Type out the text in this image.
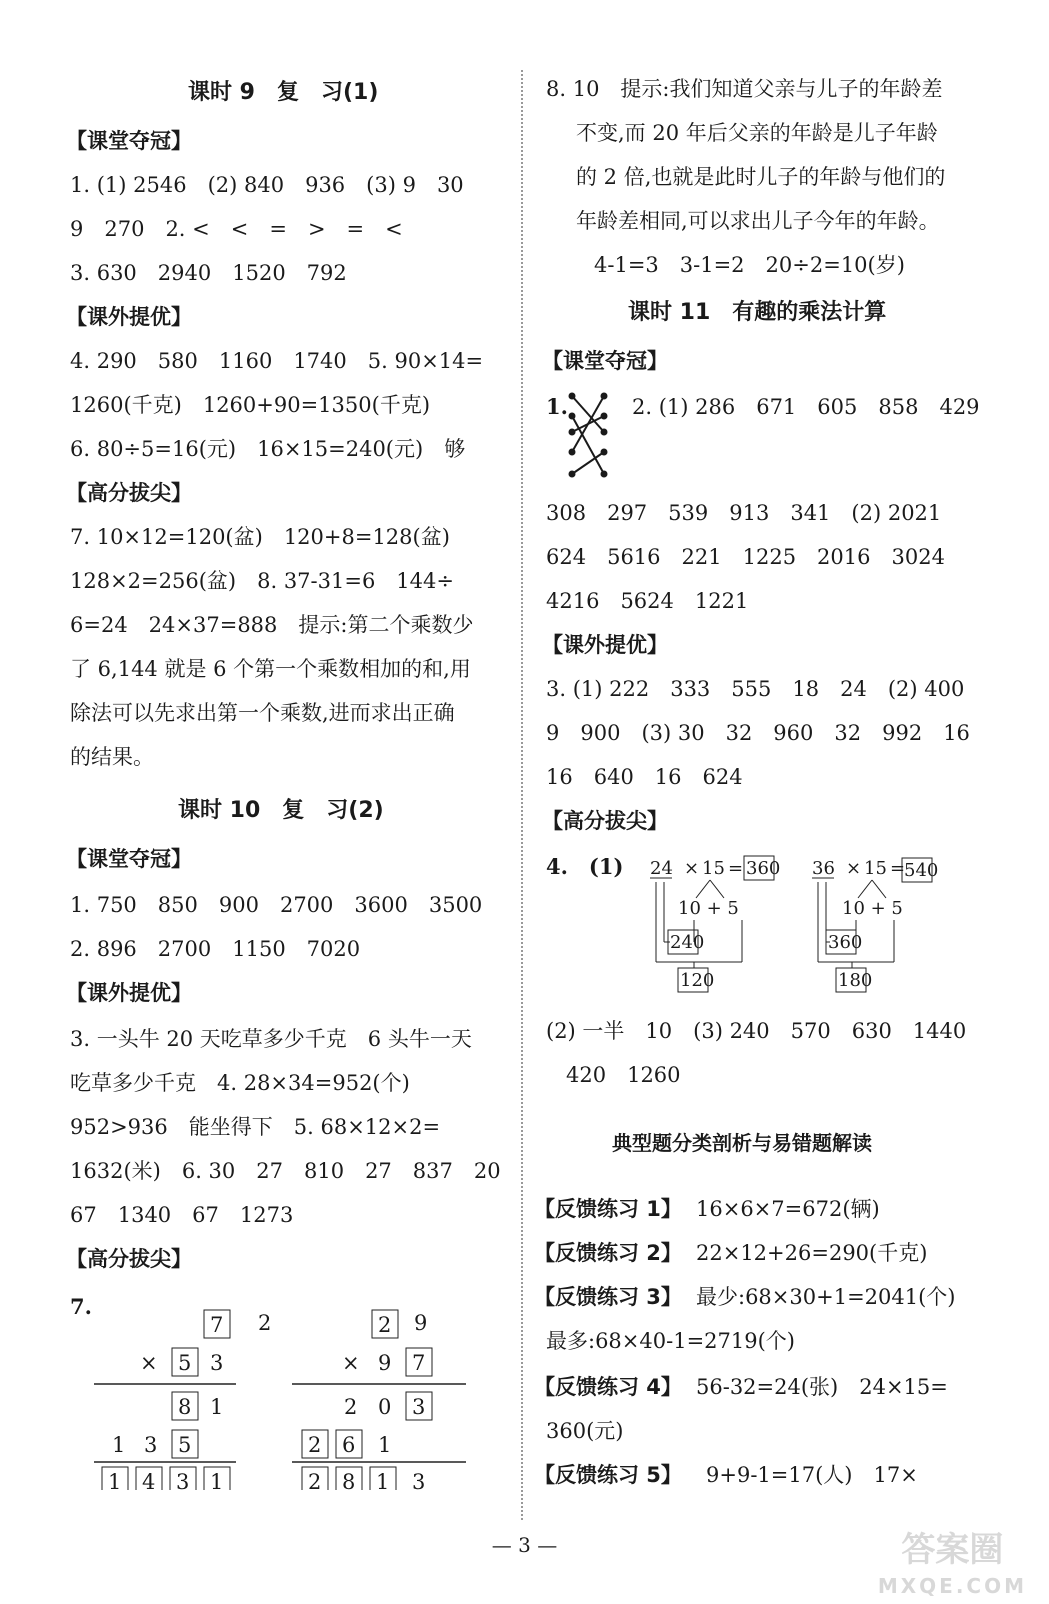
课时 9　复　习(1)
【课堂夺冠】
1. (1) 2546　(2) 840　936　(3) 9　30
9　270　2. <　<　=　>　=　<
3. 630　2940　1520　792
【课外提优】
4. 290　580　1160　1740　5. 90×14=
1260(千克)　1260+90=1350(千克)
6. 80÷5=16(元)　16×15=240(元)　够
【高分拔尖】
7. 10×12=120(盆)　120+8=128(盆)
128×2=256(盆)　8. 37-31=6　144÷
6=24　24×37=888　提示:第二个乘数少
了 6,144 就是 6 个第一个乘数相加的和,用
除法可以先求出第一个乘数,进而求出正确
的结果。
课时 10　复　习(2)
【课堂夺冠】
1. 750　850　900　2700　3600　3500
2. 896　2700　1150　7020
【课外提优】
3. 一头牛 20 天吃草多少千克　6 头牛一天
吃草多少千克　4. 28×34=952(个)
952>936　能坐得下　5. 68×12×2=
1632(米)　6. 30　27　810　27　837　20
67　1340　67　1273
【高分拔尖】
7.
2
7
× 5 3
8 1
1 3 5
1 4 3 1
2 9
× 9 7
2 0 3
2 6 1
2 8 1 3
8. 10　提示:我们知道父亲与儿子的年龄差
不变,而 20 年后父亲的年龄是儿子年龄
的 2 倍,也就是此时儿子的年龄与他们的
年龄差相同,可以求出儿子今年的年龄。
4-1=3　3-1=2　20÷2=10(岁)
课时 11　有趣的乘法计算
【课堂夺冠】
1.	2. (1) 286　671　605　858　429
308　297　539　913　341　(2) 2021
624　5616　221　1225　2016　3024
4216　5624　1221
【课外提优】
3. (1) 222　333　555　18　24　(2) 400
9　900　(3) 30　32　960　32　992　16
16　640　16　624
【高分拔尖】
4.　(1) 24 × 15 = 360
10 + 5
240
120
36 × 15 =
540
10 + 5
360
180
(2) 一半　10　(3) 240　570　630　1440
420　1260
典型题分类剖析与易错题解读
【反馈练习 1】 16×6×7=672(辆)
【反馈练习 2】 22×12+26=290(千克)
【反馈练习 3】 最少:68×30+1=2041(个)
最多:68×40-1=2719(个)
【反馈练习 4】 56-32=24(张)　24×15=
360(元)
【反馈练习 5】 9+9-1=17(人)　17×
— 3 —	答案圈
MXQE.COM
